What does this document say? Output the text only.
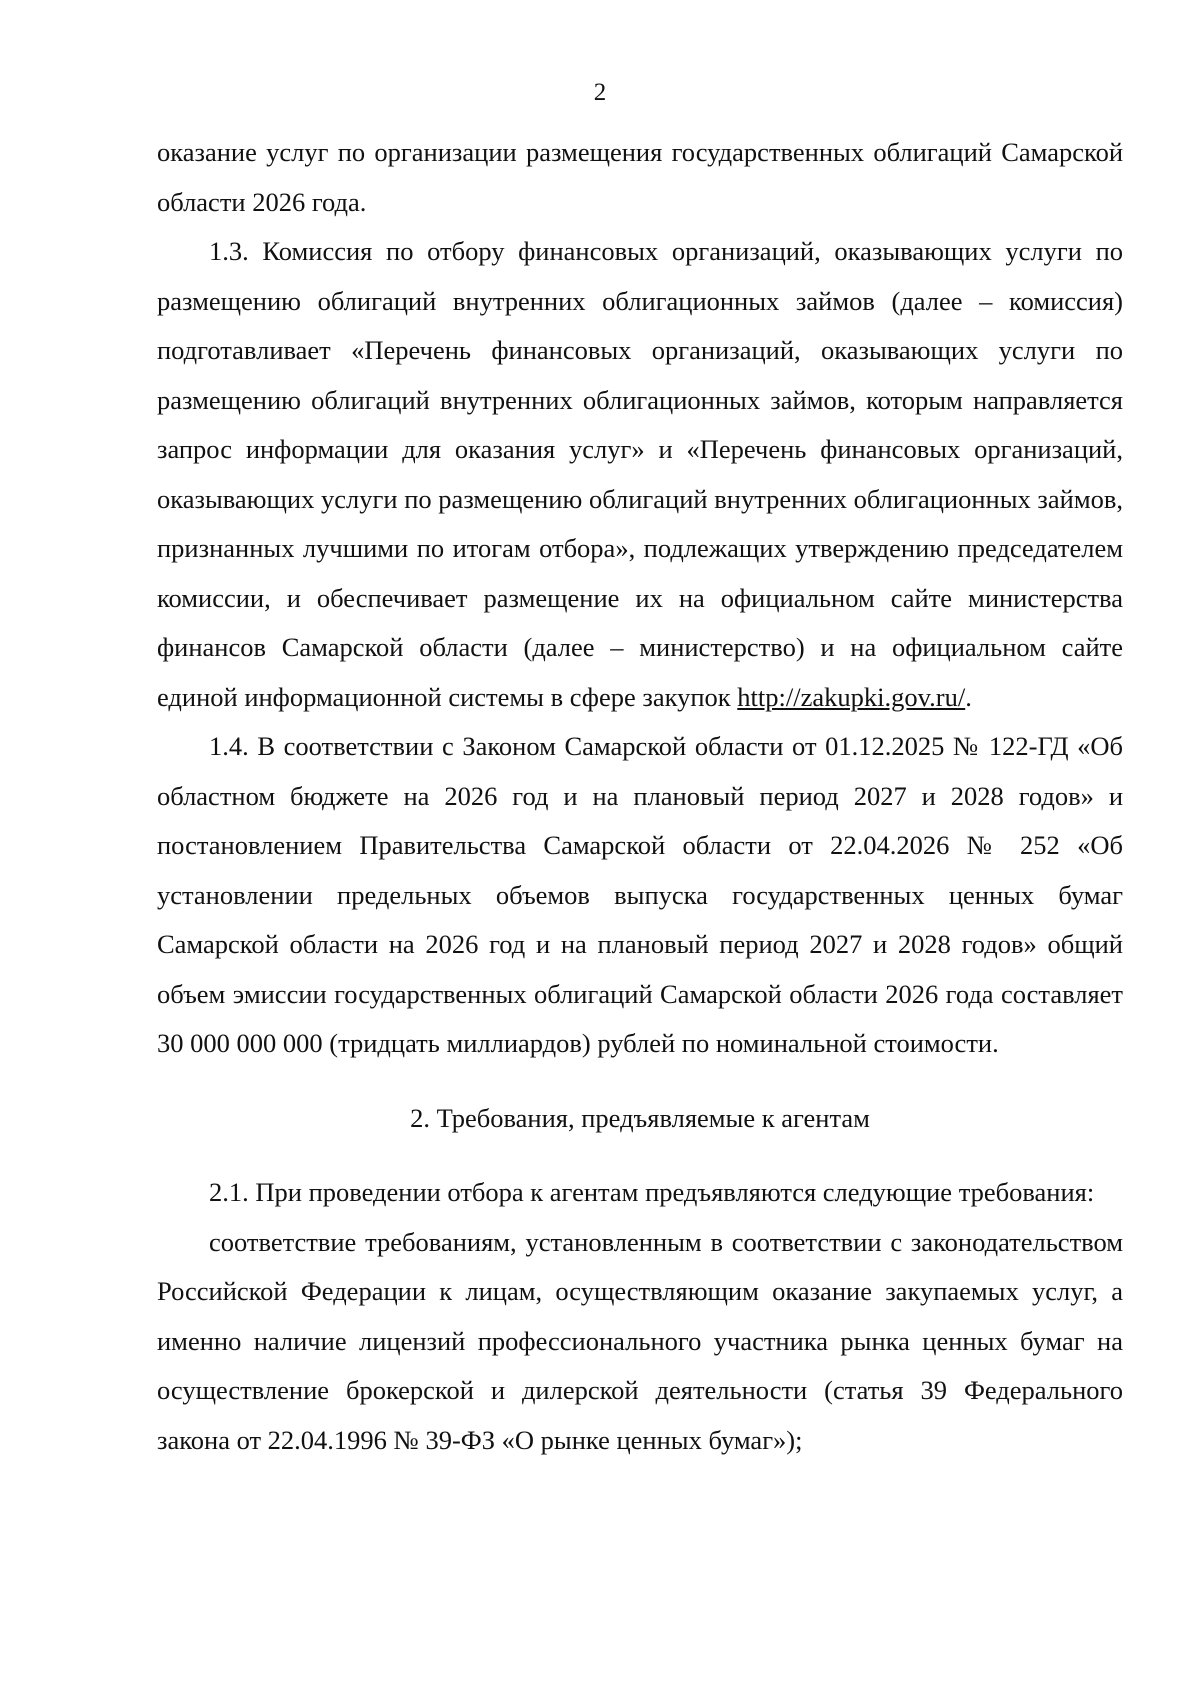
2

оказание услуг по организации размещения государственных облигаций Самарской области 2026 года.

1.3. Комиссия по отбору финансовых организаций, оказывающих услуги по размещению облигаций внутренних облигационных займов (далее – комиссия) подготавливает «Перечень финансовых организаций, оказывающих услуги по размещению облигаций внутренних облигационных займов, которым направляется запрос информации для оказания услуг» и «Перечень финансовых организаций, оказывающих услуги по размещению облигаций внутренних облигационных займов, признанных лучшими по итогам отбора», подлежащих утверждению председателем комиссии, и обеспечивает размещение их на официальном сайте министерства финансов Самарской области (далее – министерство) и на официальном сайте единой информационной системы в сфере закупок http://zakupki.gov.ru/.

1.4. В соответствии с Законом Самарской области от 01.12.2025 № 122-ГД «Об областном бюджете на 2026 год и на плановый период 2027 и 2028 годов» и постановлением Правительства Самарской области от 22.04.2026 № 252 «Об установлении предельных объемов выпуска государственных ценных бумаг Самарской области на 2026 год и на плановый период 2027 и 2028 годов» общий объем эмиссии государственных облигаций Самарской области 2026 года составляет 30 000 000 000 (тридцать миллиардов) рублей по номинальной стоимости.

2. Требования, предъявляемые к агентам

2.1. При проведении отбора к агентам предъявляются следующие требования:

соответствие требованиям, установленным в соответствии с законодательством Российской Федерации к лицам, осуществляющим оказание закупаемых услуг, а именно наличие лицензий профессионального участника рынка ценных бумаг на осуществление брокерской и дилерской деятельности (статья 39 Федерального закона от 22.04.1996 № 39-ФЗ «О рынке ценных бумаг»);
